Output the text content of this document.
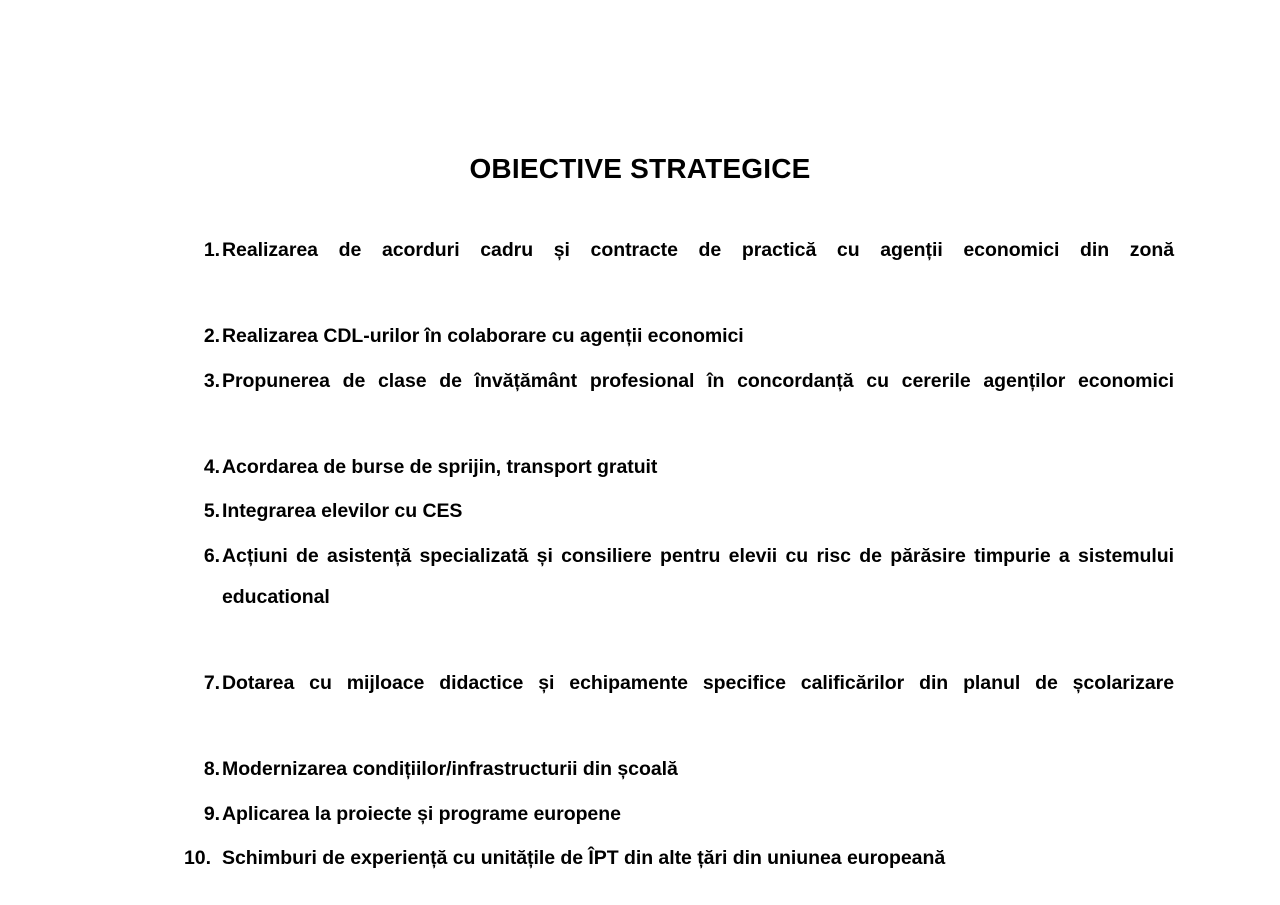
OBIECTIVE STRATEGICE
1. Realizarea de acorduri cadru și contracte de practică cu agenții economici din zonă
2. Realizarea CDL-urilor în colaborare cu agenții economici
3. Propunerea de clase de învățământ profesional în concordanță cu cererile agenților economici
4. Acordarea de burse de sprijin, transport gratuit
5. Integrarea elevilor cu CES
6. Acțiuni de asistență specializată și consiliere pentru elevii cu risc de părăsire timpurie a sistemului educational
7. Dotarea cu mijloace didactice și echipamente specifice calificărilor din planul de școlarizare
8. Modernizarea condițiilor/infrastructurii din școală
9. Aplicarea la proiecte și programe europene
10. Schimburi de experiență cu unitățile de ÎPT din alte țări din uniunea europeană
